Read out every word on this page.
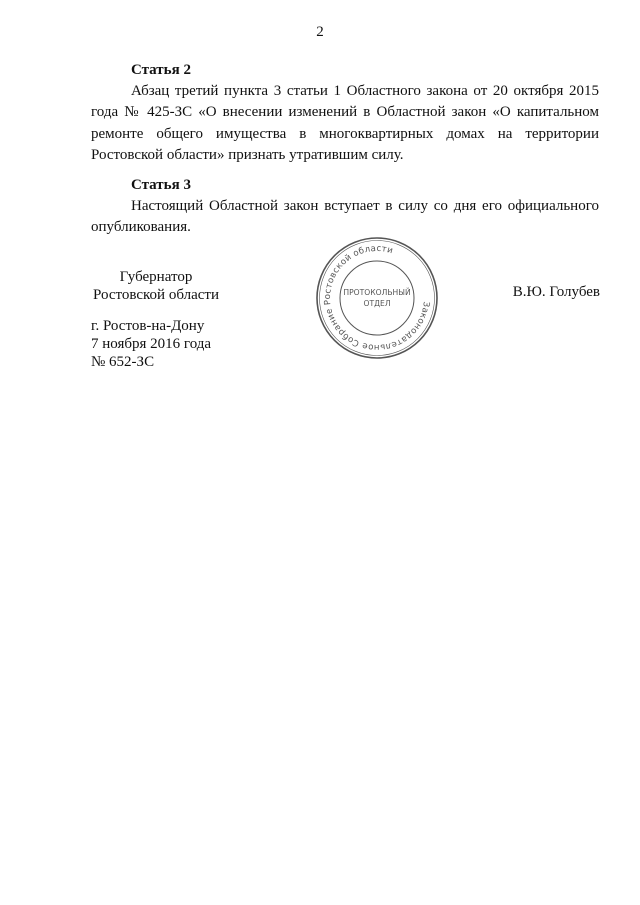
2
Статья 2

Абзац третий пункта 3 статьи 1 Областного закона от 20 октября 2015 года № 425-ЗС «О внесении изменений в Областной закон «О капитальном ремонте общего имущества в многоквартирных домах на территории Ростовской области» признать утратившим силу.

Статья 3

Настоящий Областной закон вступает в силу со дня его официального опубликования.

Губернатор
Ростовской области
Законодательное Собрание Ростовской области
ПРОТОКОЛЬНЫЙ
ОТДЕЛ
В.Ю. Голубев
г. Ростов-на-Дону
7 ноября 2016 года
№ 652-ЗС
